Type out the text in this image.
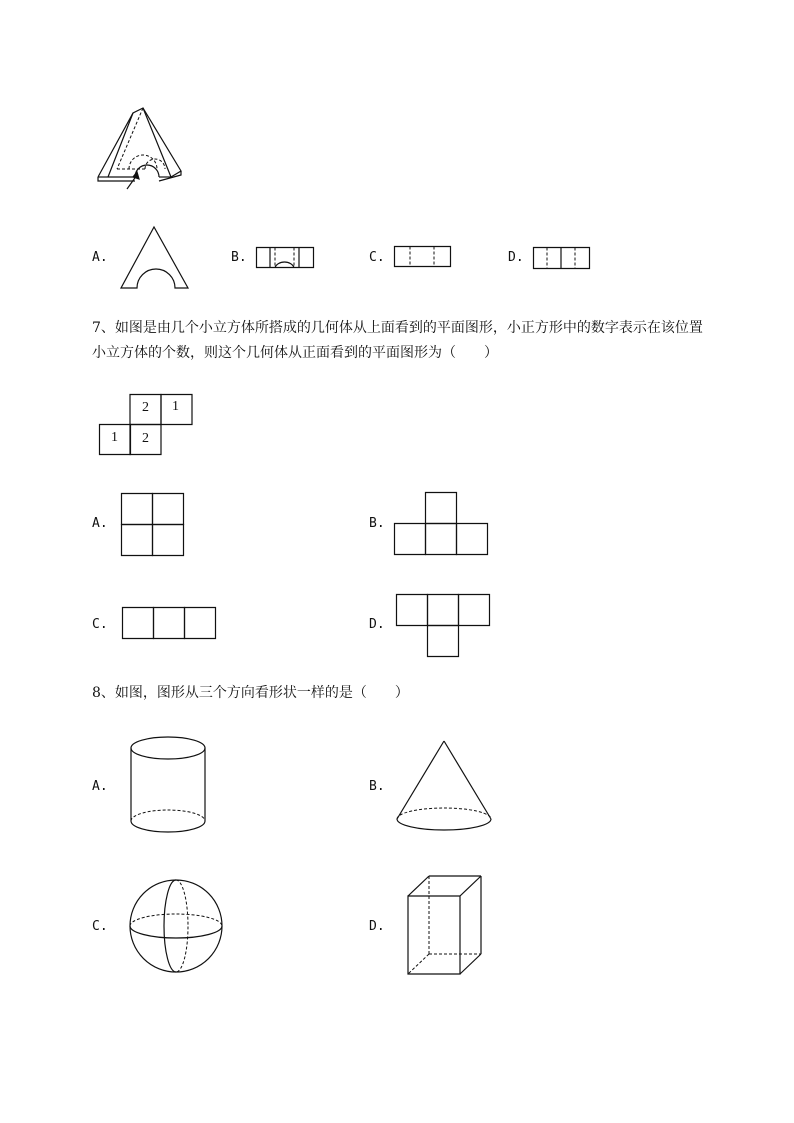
A.	B.	C.	D.
7、如图是由几个小立方体所搭成的几何体从上面看到的平面图形，小正方形中的数字表示在该位置
小立方体的个数，则这个几何体从正面看到的平面图形为（　　）
2 1
1 2
A.	B.
C.	D.
8、如图，图形从三个方向看形状一样的是（　　）
A.	B.
C.	D.
